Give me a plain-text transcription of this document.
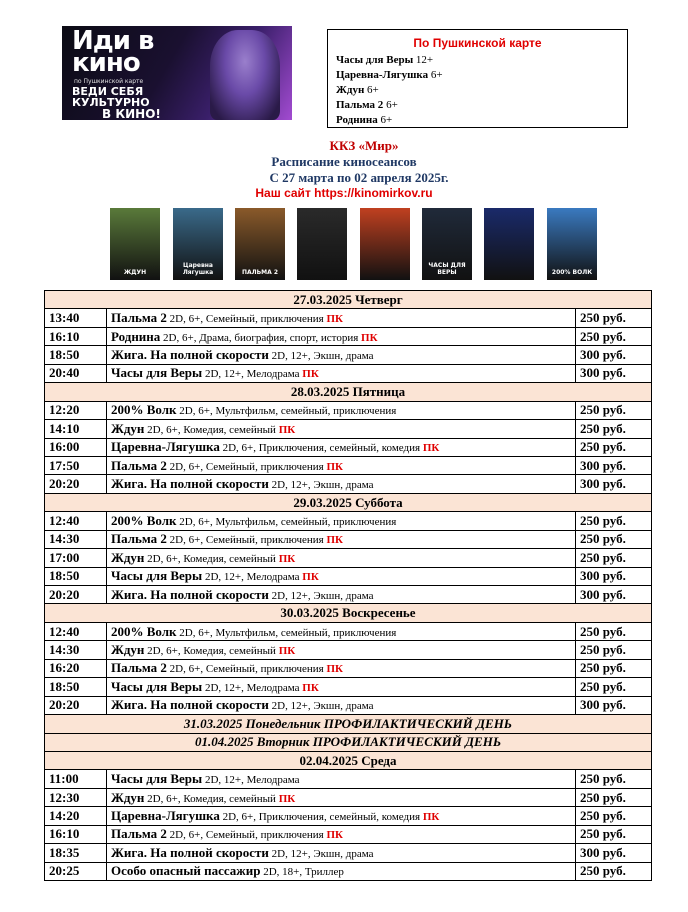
Иди в
кино
по Пушкинской карте
ВЕДИ СЕБЯ
КУЛЬТУРНО
В КИНО!
По Пушкинской карте
Часы для Веры 12+
Царевна-Лягушка 6+
Ждун 6+
Пальма 2 6+
Роднина 6+
ККЗ «Мир»
Расписание киносеансов
С 27 марта по 02 апреля 2025г.
Наш сайт https://kinomirkov.ru
ЖДУН
Царевна Лягушка	ПАЛЬМА 2
ЧАСЫ ДЛЯ ВЕРЫ	200% ВОЛК
27.03.2025 Четверг		
13:40	Пальма 2 2D, 6+, Семейный, приключения ПК	250 руб.
16:10	Роднина 2D, 6+, Драма, биография, спорт, история ПК	250 руб.
18:50	Жига. На полной скорости 2D, 12+, Экшн, драма	300 руб.
20:40	Часы для Веры 2D, 12+, Мелодрама ПК	300 руб.
28.03.2025 Пятница		
12:20	200% Волк 2D, 6+, Мультфильм, семейный, приключения	250 руб.
14:10	Ждун 2D, 6+, Комедия, семейный ПК	250 руб.
16:00	Царевна-Лягушка 2D, 6+, Приключения, семейный, комедия ПК	250 руб.
17:50	Пальма 2 2D, 6+, Семейный, приключения ПК	300 руб.
20:20	Жига. На полной скорости 2D, 12+, Экшн, драма	300 руб.
29.03.2025 Суббота		
12:40	200% Волк 2D, 6+, Мультфильм, семейный, приключения	250 руб.
14:30	Пальма 2 2D, 6+, Семейный, приключения ПК	250 руб.
17:00	Ждун 2D, 6+, Комедия, семейный ПК	250 руб.
18:50	Часы для Веры 2D, 12+, Мелодрама ПК	300 руб.
20:20	Жига. На полной скорости 2D, 12+, Экшн, драма	300 руб.
30.03.2025 Воскресенье		
12:40	200% Волк 2D, 6+, Мультфильм, семейный, приключения	250 руб.
14:30	Ждун 2D, 6+, Комедия, семейный ПК	250 руб.
16:20	Пальма 2 2D, 6+, Семейный, приключения ПК	250 руб.
18:50	Часы для Веры 2D, 12+, Мелодрама ПК	250 руб.
20:20	Жига. На полной скорости 2D, 12+, Экшн, драма	300 руб.
31.03.2025 Понедельник ПРОФИЛАКТИЧЕСКИЙ ДЕНЬ		
01.04.2025 Вторник ПРОФИЛАКТИЧЕСКИЙ ДЕНЬ		
02.04.2025 Среда		
11:00	Часы для Веры 2D, 12+, Мелодрама	250 руб.
12:30	Ждун 2D, 6+, Комедия, семейный ПК	250 руб.
14:20	Царевна-Лягушка 2D, 6+, Приключения, семейный, комедия ПК	250 руб.
16:10	Пальма 2 2D, 6+, Семейный, приключения ПК	250 руб.
18:35	Жига. На полной скорости 2D, 12+, Экшн, драма	300 руб.
20:25	Особо опасный пассажир 2D, 18+, Триллер	250 руб.
